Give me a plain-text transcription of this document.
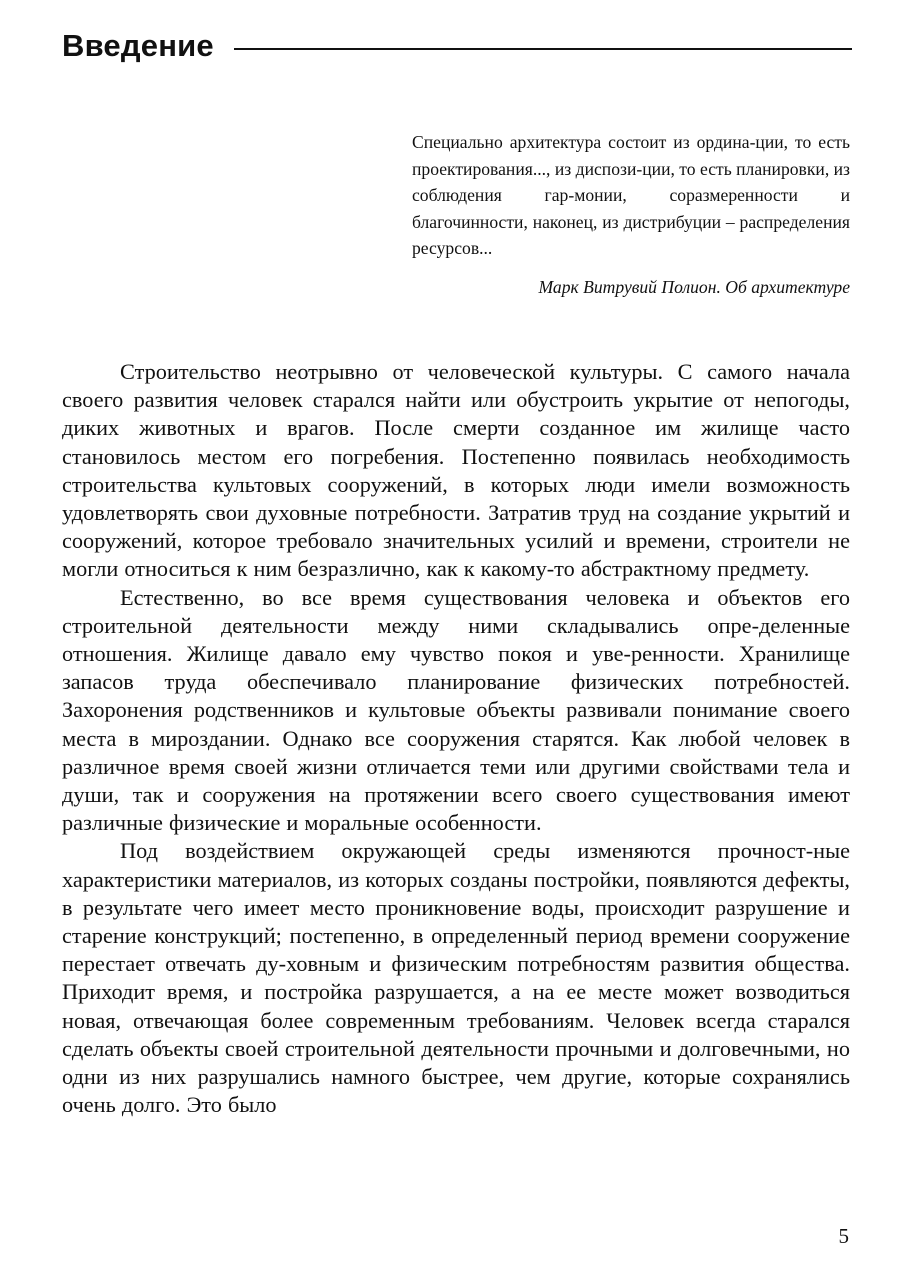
Введение
Специально архитектура состоит из ордина-ции, то есть проектирования..., из диспози-ции, то есть планировки, из соблюдения гар-монии, соразмеренности и благочинности, наконец, из дистрибуции – распределения ресурсов...
Марк Витрувий Полион. Об архитектуре

Строительство неотрывно от человеческой культуры. С самого начала своего развития человек старался найти или обустроить укрытие от непогоды, диких животных и врагов. После смерти созданное им жилище часто становилось местом его погребения. Постепенно появилась необходимость строительства культовых сооружений, в которых люди имели возможность удовлетворять свои духовные потребности. Затратив труд на создание укрытий и сооружений, которое требовало значительных усилий и времени, строители не могли относиться к ним безразлично, как к какому-то абстрактному предмету.

Естественно, во все время существования человека и объектов его строительной деятельности между ними складывались опре-деленные отношения. Жилище давало ему чувство покоя и уве-ренности. Хранилище запасов труда обеспечивало планирование физических потребностей. Захоронения родственников и культовые объекты развивали понимание своего места в мироздании. Однако все сооружения старятся. Как любой человек в различное время своей жизни отличается теми или другими свойствами тела и души, так и сооружения на протяжении всего своего существования имеют различные физические и моральные особенности.

Под воздействием окружающей среды изменяются прочност-ные характеристики материалов, из которых созданы постройки, появляются дефекты, в результате чего имеет место проникновение воды, происходит разрушение и старение конструкций; постепенно, в определенный период времени сооружение перестает отвечать ду-ховным и физическим потребностям развития общества. Приходит время, и постройка разрушается, а на ее месте может возводиться новая, отвечающая более современным требованиям. Человек всегда старался сделать объекты своей строительной деятельности прочными и долговечными, но одни из них разрушались намного быстрее, чем другие, которые сохранялись очень долго. Это было

5
